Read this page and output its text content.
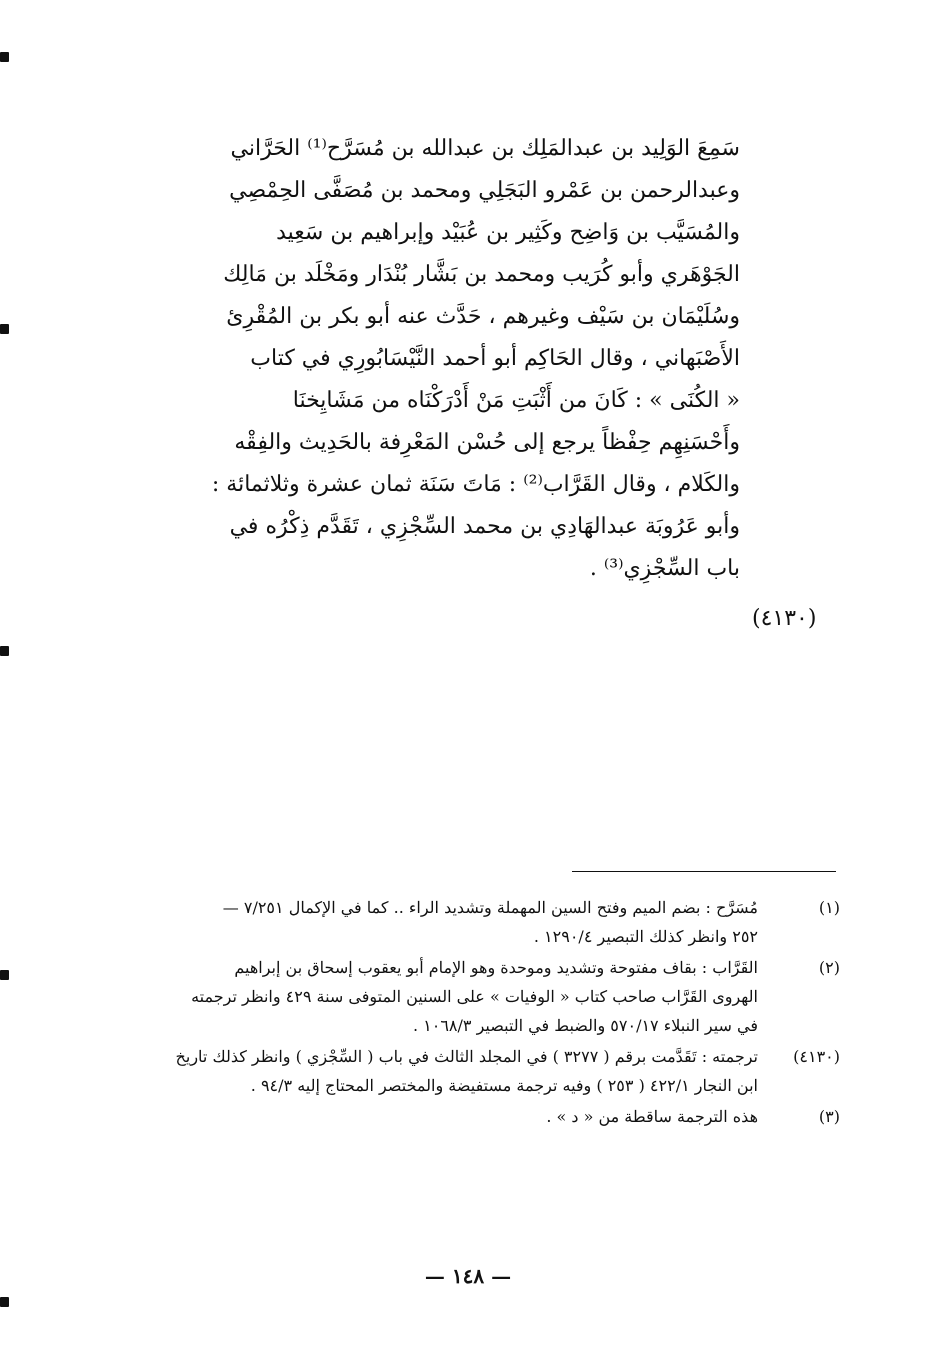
سَمِعَ الوَلِيد بن عبدالمَلِك بن عبدالله بن مُسَرَّح⁽¹⁾ الحَرَّاني
وعبدالرحمن بن عَمْرو البَجَلِي ومحمد بن مُصَفَّى الحِمْصِي
والمُسَيَّب بن وَاضِح وكَثِير بن عُبَيْد وإبراهيم بن سَعِيد
الجَوْهَري وأبو كُرَيب ومحمد بن بَشَّار بُنْدَار ومَخْلَد بن مَالِك
وسُلَيْمَان بن سَيْف وغيرهم ، حَدَّث عنه أبو بكر بن المُقْرِئ
الأَصْبَهاني ، وقال الحَاكِم أبو أحمد النَّيْسَابُورِي في كتاب
« الكُنَى » : كَانَ من أَثْبَتِ مَنْ أَدْرَكْنَاه من مَشَايِخنَا
وأَحْسَنِهِم حِفْظاً يرجع إلى حُسْن المَعْرِفة بالحَدِيث والفِقْه
والكَلام ، وقال القَرَّاب⁽²⁾ : مَاتَ سَنَة ثمان عشرة وثلاثمائة :
وأبو عَرُوبَة عبدالهَادِي بن محمد السِّجْزِي ، تَقَدَّم ذِكْرُه في
باب السِّجْزِي⁽³⁾ .
(٤١٣٠)
(١)
مُسَرَّح : بضم الميم وفتح السين المهملة وتشديد الراء .. كما في الإكمال ٧/٢٥١ —
٢٥٢ وانظر كذلك التبصير ١٢٩٠/٤ .
(٢)
القَرَّاب : بقاف مفتوحة وتشديد وموحدة وهو الإمام أبو يعقوب إسحاق بن إبراهيم
الهروى القَرَّاب صاحب كتاب « الوفيات » على السنين المتوفى سنة ٤٢٩ وانظر ترجمته
في سير النبلاء ٥٧٠/١٧ والضبط في التبصير ١٠٦٨/٣ .
(٤١٣٠)
ترجمته : تَقَدَّمت برقم ( ٣٢٧٧ ) في المجلد الثالث في باب ( السِّجْزي ) وانظر كذلك تاريخ
ابن النجار ٤٢٢/١ ( ٢٥٣ ) وفيه ترجمة مستفيضة والمختصر المحتاج إليه ٩٤/٣ .
(٣)
هذه الترجمة ساقطة من « د » .
— ١٤٨ —
